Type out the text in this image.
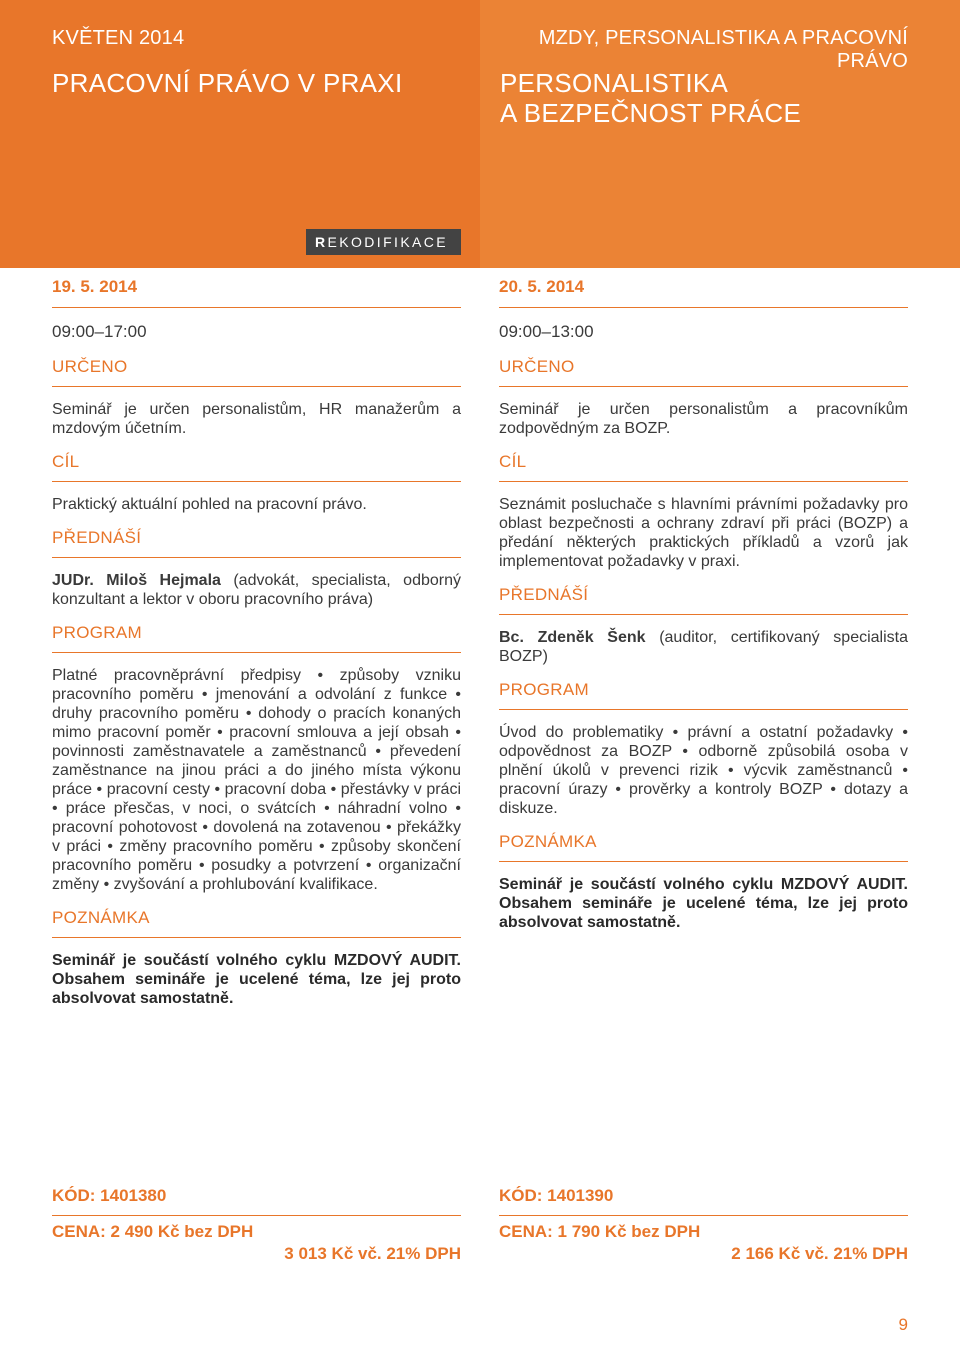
KVĚTEN 2014
PRACOVNÍ PRÁVO V PRAXI
REKODIFIKACE
MZDY, PERSONALISTIKA A PRACOVNÍ PRÁVO
PERSONALISTIKA
A BEZPEČNOST PRÁCE
19. 5. 2014
09:00–17:00
URČENO
Seminář je určen personalistům, HR manažerům a mzdovým účetním.
CÍL
Praktický aktuální pohled na pracovní právo.
PŘEDNÁŠÍ
JUDr. Miloš Hejmala (advokát, specialista, odborný konzultant a lektor v oboru pracovního práva)
PROGRAM
Platné pracovněprávní předpisy • způsoby vzniku pracovního poměru • jmenování a odvolání z funkce • druhy pracovního poměru • dohody o pracích konaných mimo pracovní poměr • pracovní smlouva a její obsah • povinnosti zaměstnavatele a zaměstnanců • převedení zaměstnance na jinou práci a do jiného místa výkonu práce • pracovní cesty • pracovní doba • přestávky v práci • práce přesčas, v noci, o svátcích • náhradní volno • pracovní pohotovost • dovolená na zotavenou • překážky v práci • změny pracovního poměru • způsoby skončení pracovního poměru • posudky a potvrzení • organizační změny • zvyšování a prohlubování kvalifikace.
POZNÁMKA
Seminář je součástí volného cyklu MZDOVÝ AUDIT. Obsahem semináře je ucelené téma, lze jej proto absolvovat samostatně.
20. 5. 2014
09:00–13:00
URČENO
Seminář je určen personalistům a pracovníkům zodpovědným za BOZP.
CÍL
Seznámit posluchače s hlavními právními požadavky pro oblast bezpečnosti a ochrany zdraví při práci (BOZP) a předání některých praktických příkladů a vzorů jak implementovat požadavky v praxi.
PŘEDNÁŠÍ
Bc. Zdeněk Šenk (auditor, certifikovaný specialista BOZP)
PROGRAM
Úvod do problematiky • právní a ostatní požadavky • odpovědnost za BOZP • odborně způsobilá osoba v plnění úkolů v prevenci rizik • výcvik zaměstnanců • pracovní úrazy • prověrky a kontroly BOZP • dotazy a diskuze.
POZNÁMKA
Seminář je součástí volného cyklu MZDOVÝ AUDIT. Obsahem semináře je ucelené téma, lze jej proto absolvovat samostatně.
KÓD: 1401380
CENA: 2 490 Kč bez DPH
3 013 Kč vč. 21% DPH
KÓD: 1401390
CENA: 1 790 Kč bez DPH
2 166 Kč vč. 21% DPH
9
